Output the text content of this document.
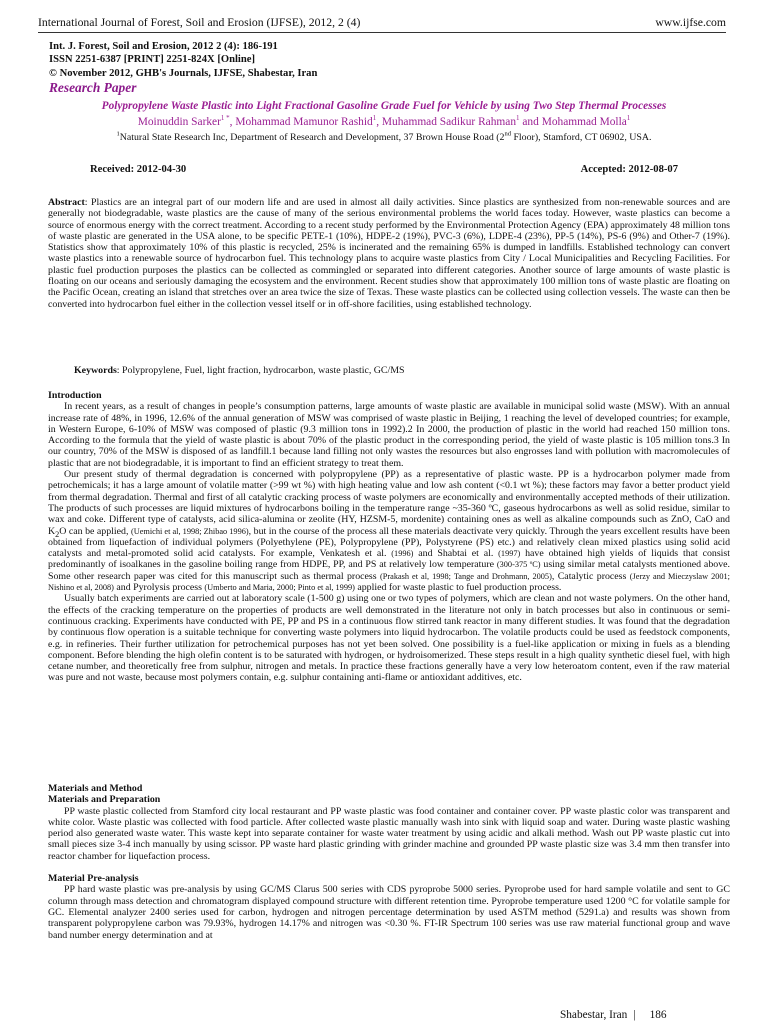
International Journal of Forest, Soil and Erosion (IJFSE), 2012, 2 (4)	www.ijfse.com
Int. J. Forest, Soil and Erosion, 2012 2 (4): 186-191
ISSN 2251-6387 [PRINT] 2251-824X [Online]
© November 2012, GHB's Journals, IJFSE, Shabestar, Iran
Research Paper
Polypropylene Waste Plastic into Light Fractional Gasoline Grade Fuel for Vehicle by using Two Step Thermal Processes
Moinuddin Sarker$^{1 *}$, Mohammad Mamunor Rashid$^1$, Muhammad Sadikur Rahman$^1$ and Mohammad Molla$^1$
$^1$Natural State Research Inc, Department of Research and Development, 37 Brown House Road (2nd Floor), Stamford, CT 06902, USA.
Received: 2012-04-30	Accepted: 2012-08-07

Abstract: Plastics are an integral part of our modern life and are used in almost all daily activities. Since plastics are synthesized from non-renewable sources and are generally not biodegradable, waste plastics are the cause of many of the serious environmental problems the world faces today. However, waste plastics can become a source of enormous energy with the correct treatment. According to a recent study performed by the Environmental Protection Agency (EPA) approximately 48 million tons of waste plastic are generated in the USA alone, to be specific PETE-1 (10%), HDPE-2 (19%), PVC-3 (6%), LDPE-4 (23%), PP-5 (14%), PS-6 (9%) and Other-7 (19%). Statistics show that approximately 10% of this plastic is recycled, 25% is incinerated and the remaining 65% is dumped in landfills. Established technology can convert waste plastics into a renewable source of hydrocarbon fuel. This technology plans to acquire waste plastics from City / Local Municipalities and Recycling Facilities. For plastic fuel production purposes the plastics can be collected as commingled or separated into different categories. Another source of large amounts of waste plastic is floating on our oceans and seriously damaging the ecosystem and the environment. Recent studies show that approximately 100 million tons of waste plastic are floating on the Pacific Ocean, creating an island that stretches over an area twice the size of Texas. These waste plastics can be collected using collection vessels. The waste can then be converted into hydrocarbon fuel either in the collection vessel itself or in off-shore facilities, using established technology.

Keywords: Polypropylene, Fuel, light fraction, hydrocarbon, waste plastic, GC/MS

Introduction

In recent years, as a result of changes in people’s consumption patterns, large amounts of waste plastic are available in municipal solid waste (MSW). With an annual increase rate of 48%, in 1996, 12.6% of the annual generation of MSW was comprised of waste plastic in Beijing, 1 reaching the level of developed countries; for example, in Western Europe, 6-10% of MSW was composed of plastic (9.3 million tons in 1992).2 In 2000, the production of plastic in the world had reached 150 million tons. According to the formula that the yield of waste plastic is about 70% of the plastic product in the corresponding period, the yield of waste plastic is 105 million tons.3 In our country, 70% of the MSW is disposed of as landfill.1 because land filling not only wastes the resources but also engrosses land with pollution with macromolecules of plastic that are not biodegradable, it is important to find an efficient strategy to treat them.

Our present study of thermal degradation is concerned with polypropylene (PP) as a representative of plastic waste. PP is a hydrocarbon polymer made from petrochemicals; it has a large amount of volatile matter (>99 wt %) with high heating value and low ash content (<0.1 wt %); these factors may favor a better product yield from thermal degradation. Thermal and first of all catalytic cracking process of waste polymers are economically and environmentally accepted methods of their utilization. The products of such processes are liquid mixtures of hydrocarbons boiling in the temperature range ~35-360 ºC, gaseous hydrocarbons as well as solid residue, similar to wax and coke. Different type of catalysts, acid silica-alumina or zeolite (HY, HZSM-5, mordenite) containing ones as well as alkaline compounds such as ZnO, CaO and $K_2O$ can be applied, (Uemichi et al, 1998; Zhibao 1996), but in the course of the process all these materials deactivate very quickly. Through the years excellent results have been obtained from liquefaction of individual polymers (Polyethylene (PE), Polypropylene (PP), Polystyrene (PS) etc.) and relatively clean mixed plastics using solid acid catalysts and metal-promoted solid acid catalysts. For example, Venkatesh et al. (1996) and Shabtai et al. (1997) have obtained high yields of liquids that consist predominantly of isoalkanes in the gasoline boiling range from HDPE, PP, and PS at relatively low temperature (300-375 ºC) using similar metal catalysts mentioned above. Some other research paper was cited for this manuscript such as thermal process (Prakash et al, 1998; Tange and Drohmann, 2005), Catalytic process (Jerzy and Mieczyslaw 2001; Nishino et al, 2008) and Pyrolysis process (Umberto and Maria, 2000; Pinto et al, 1999) applied for waste plastic to fuel production process.

Usually batch experiments are carried out at laboratory scale (1-500 g) using one or two types of polymers, which are clean and not waste polymers. On the other hand, the effects of the cracking temperature on the properties of products are well demonstrated in the literature not only in batch processes but also in continuous or semi-continuous cracking. Experiments have conducted with PE, PP and PS in a continuous flow stirred tank reactor in many different studies. It was found that the degradation by continuous flow operation is a suitable technique for converting waste polymers into liquid hydrocarbon. The volatile products could be used as feedstock components, e.g. in refineries. Their further utilization for petrochemical purposes has not yet been solved. One possibility is a fuel-like application or mixing in fuels as a blending component. Before blending the high olefin content is to be saturated with hydrogen, or hydroisomerized. These steps result in a high quality synthetic diesel fuel, with high cetane number, and theoretically free from sulphur, nitrogen and metals. In practice these fractions generally have a very low heteroatom content, even if the raw material was pure and not waste, because most polymers contain, e.g. sulphur containing anti-flame or antioxidant additives, etc.

Materials and Method

Materials and Preparation

PP waste plastic collected from Stamford city local restaurant and PP waste plastic was food container and container cover. PP waste plastic color was transparent and white color. Waste plastic was collected with food particle. After collected waste plastic manually wash into sink with liquid soap and water. During waste plastic washing period also generated waste water. This waste kept into separate container for waste water treatment by using acidic and alkali method. Wash out PP waste plastic cut into small pieces size 3-4 inch manually by using scissor. PP waste hard plastic grinding with grinder machine and grounded PP waste plastic size was 3.4 mm then transfer into reactor chamber for liquefaction process.

Material Pre-analysis

PP hard waste plastic was pre-analysis by using GC/MS Clarus 500 series with CDS pyroprobe 5000 series. Pyroprobe used for hard sample volatile and sent to GC column through mass detection and chromatogram displayed compound structure with different retention time. Pyroprobe temperature used 1200 °C for volatile sample for GC. Elemental analyzer 2400 series used for carbon, hydrogen and nitrogen percentage determination by used ASTM method (5291.a) and results was shown from transparent polypropylene carbon was 79.93%, hydrogen 14.17% and nitrogen was <0.30 %. FT-IR Spectrum 100 series was use raw material functional group and wave band number energy determination and at

Shabestar, Iran | 186
